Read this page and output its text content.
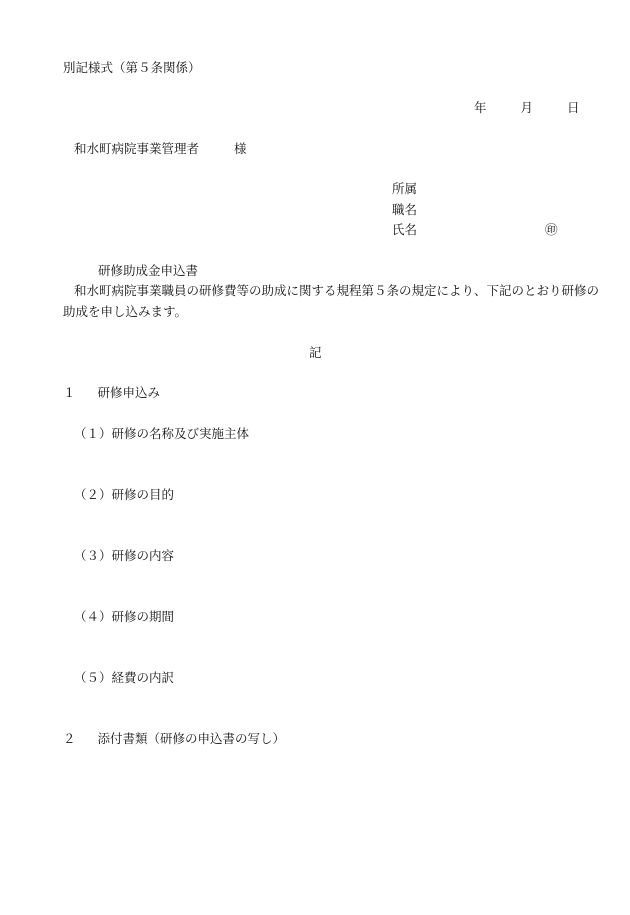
別記様式（第５条関係）
年	月	日
和水町病院事業管理者	様
所属
職名
氏名	㊞
研修助成金申込書
和水町病院事業職員の研修費等の助成に関する規程第５条の規定により、下記のとおり研修の
助成を申し込みます。
記
１ 研修申込み
（１）研修の名称及び実施主体
（２）研修の目的
（３）研修の内容
（４）研修の期間
（５）経費の内訳
２ 添付書類（研修の申込書の写し）
